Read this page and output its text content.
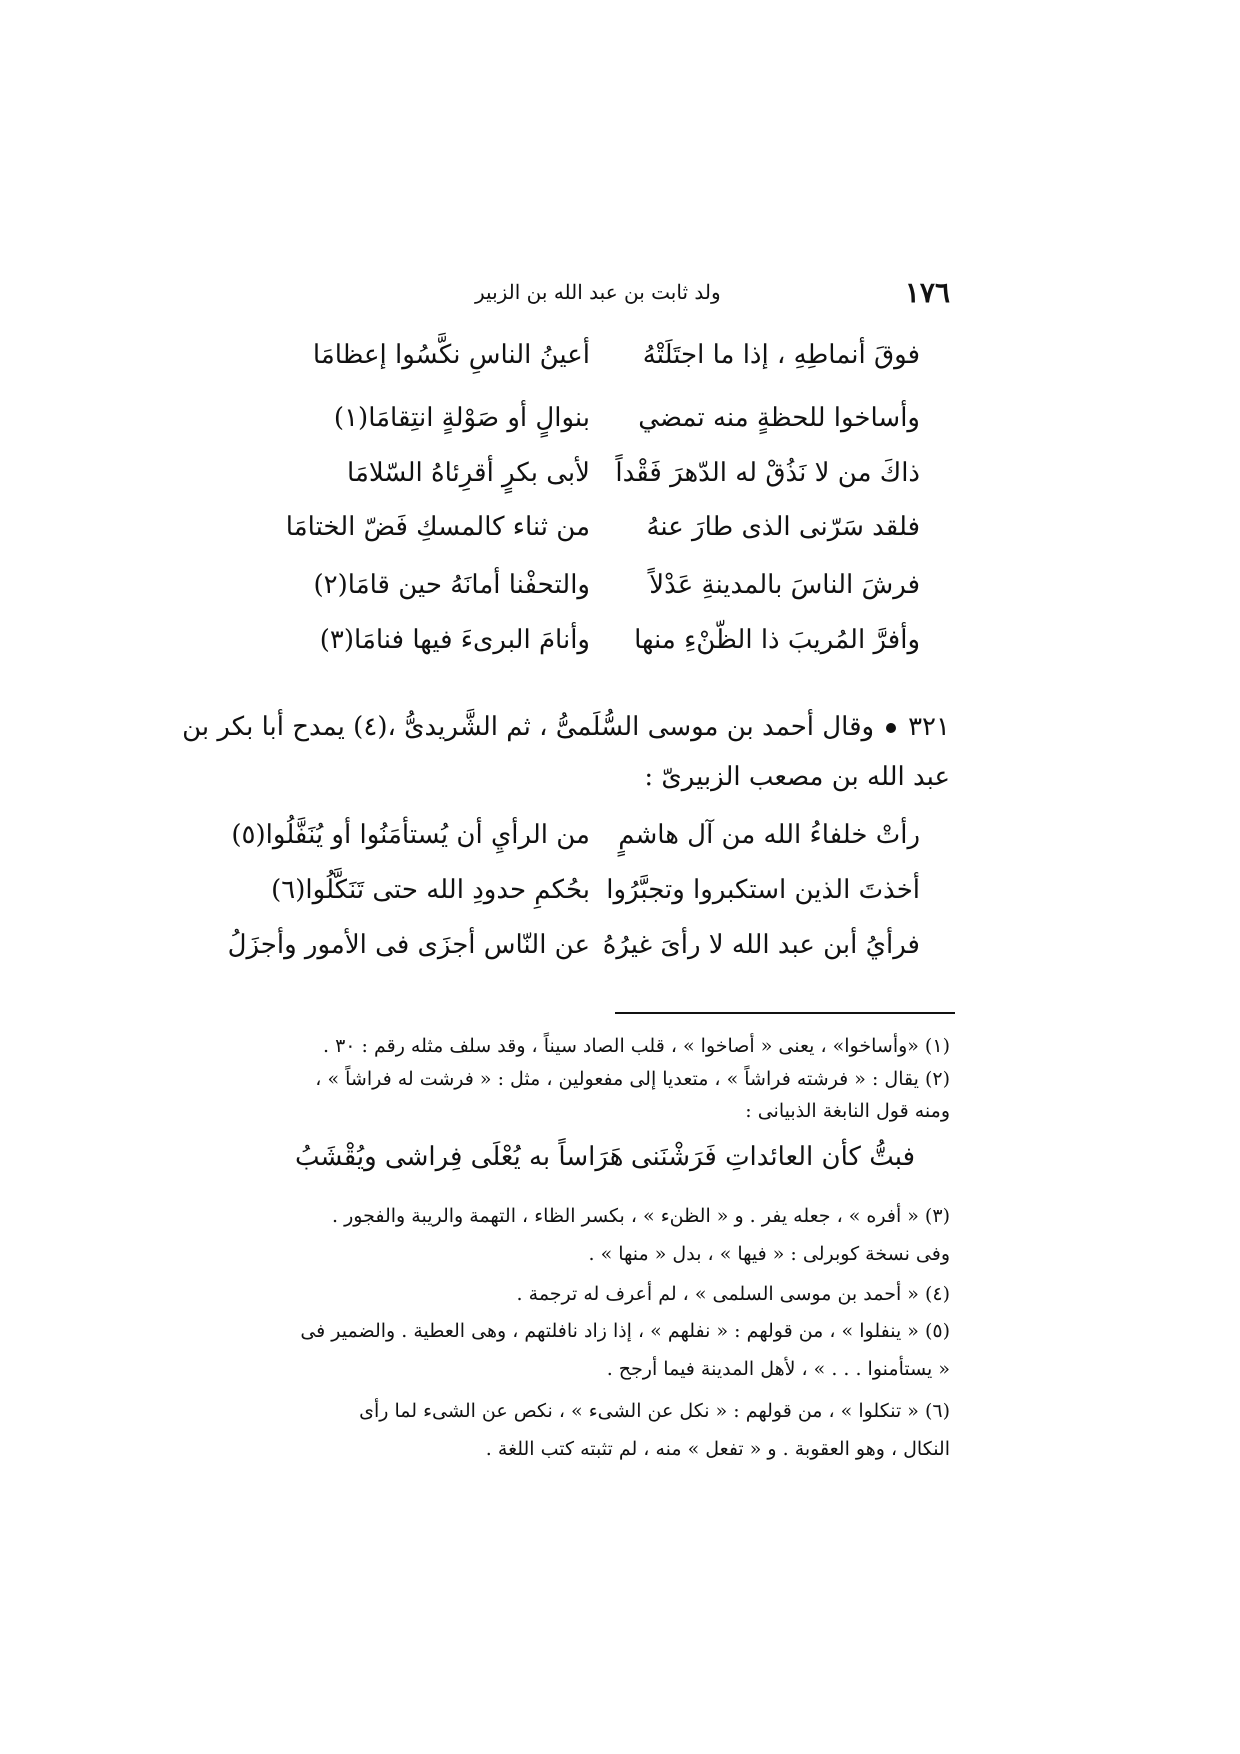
١٧٦
ولد ثابت بن عبد الله بن الزبير
فوقَ أنماطِهِ ، إذا ما اجتَلَتْهُ
أعينُ الناسِ نكَّسُوا إعظامَا
وأساخوا للحظةٍ منه تمضي
بنوالٍ أو صَوْلةٍ انتِقامَا(١)
ذاكَ من لا نَذُقْ له الدّهرَ فَقْداً
لأبى بكرٍ أقرِئاهُ السّلامَا
فلقد سَرّنى الذى طارَ عنهُ
من ثناء كالمسكِ فَضّ الختامَا
فرشَ الناسَ بالمدينةِ عَدْلاً
والتحفْنا أمانَهُ حين قامَا(٢)
وأفرَّ المُريبَ ذا الظّنْءِ منها
وأنامَ البرىءَ فيها فنامَا(٣)
٣٢١وقال أحمد بن موسى السُّلَمىُّ ، ثم الشَّريدىُّ ،(٤) يمدح أبا بكر بن
عبد الله بن مصعب الزبيرىّ :
رأتْ خلفاءُ الله من آل هاشمٍ
من الرأيِ أن يُستأمَنُوا أو يُنَفَّلُوا(٥)
أخذتَ الذين استكبروا وتجبَّرُوا
بحُكمِ حدودِ الله حتى تَنَكَّلُوا(٦)
فرأيُ أبن عبد الله لا رأىَ غيرُهُ
عن النّاس أجزَى فى الأمور وأجزَلُ
(١) «وأساخوا» ، يعنى « أصاخوا » ، قلب الصاد سيناً ، وقد سلف مثله رقم : ٣٠ .
(٢) يقال : « فرشته فراشاً » ، متعديا إلى مفعولين ، مثل : « فرشت له فراشاً » ،
ومنه قول النابغة الذبيانى :
فبتُّ كأن العائداتِ فَرَشْنَنى
هَرَاساً به يُعْلَى فِراشى ويُقْشَبُ
(٣) « أفره » ، جعله يفر . و « الظنء » ، بكسر الظاء ، التهمة والريبة والفجور .
وفى نسخة كوبرلى : « فيها » ، بدل « منها » .
(٤) « أحمد بن موسى السلمى » ، لم أعرف له ترجمة .
(٥) « ينفلوا » ، من قولهم : « نفلهم » ، إذا زاد نافلتهم ، وهى العطية . والضمير فى
« يستأمنوا . . . » ، لأهل المدينة فيما أرجح .
(٦) « تنكلوا » ، من قولهم : « نكل عن الشىء » ، نكص عن الشىء لما رأى
النكال ، وهو العقوبة . و « تفعل » منه ، لم تثبته كتب اللغة .
